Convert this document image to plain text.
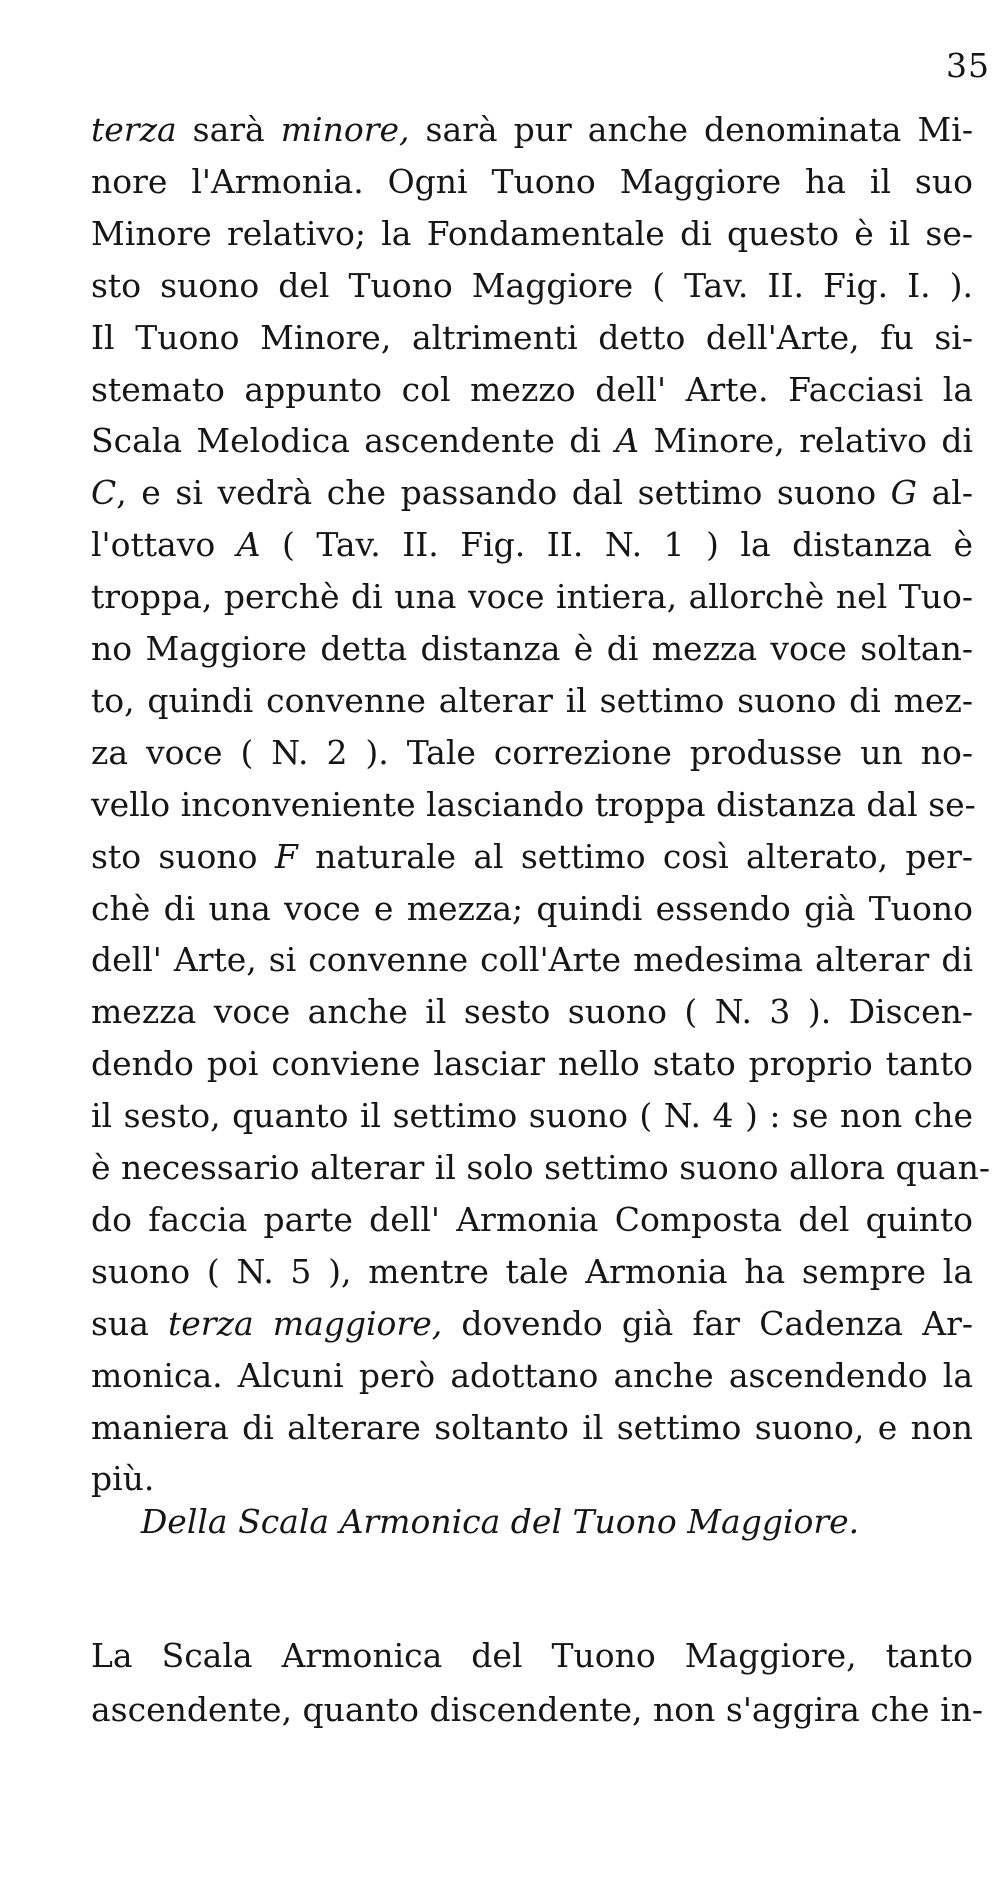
35
terza sarà minore, sarà pur anche denominata Mi-
nore l'Armonia. Ogni Tuono Maggiore ha il suo
Minore relativo; la Fondamentale di questo è il se-
sto suono del Tuono Maggiore ( Tav. II. Fig. I. ).
Il Tuono Minore, altrimenti detto dell'Arte, fu si-
stemato appunto col mezzo dell' Arte. Facciasi la
Scala Melodica ascendente di A Minore, relativo di
C, e si vedrà che passando dal settimo suono G al-
l'ottavo A ( Tav. II. Fig. II. N. 1 ) la distanza è
troppa, perchè di una voce intiera, allorchè nel Tuo-
no Maggiore detta distanza è di mezza voce soltan-
to, quindi convenne alterar il settimo suono di mez-
za voce ( N. 2 ). Tale correzione produsse un no-
vello inconveniente lasciando troppa distanza dal se-
sto suono F naturale al settimo così alterato, per-
chè di una voce e mezza; quindi essendo già Tuono
dell' Arte, si convenne coll'Arte medesima alterar di
mezza voce anche il sesto suono ( N. 3 ). Discen-
dendo poi conviene lasciar nello stato proprio tanto
il sesto, quanto il settimo suono ( N. 4 ) : se non che
è necessario alterar il solo settimo suono allora quan-
do faccia parte dell' Armonia Composta del quinto
suono ( N. 5 ), mentre tale Armonia ha sempre la
sua terza maggiore, dovendo già far Cadenza Ar-
monica. Alcuni però adottano anche ascendendo la
maniera di alterare soltanto il settimo suono, e non
più.
Della Scala Armonica del Tuono Maggiore.
La Scala Armonica del Tuono Maggiore, tanto
ascendente, quanto discendente, non s'aggira che in-
